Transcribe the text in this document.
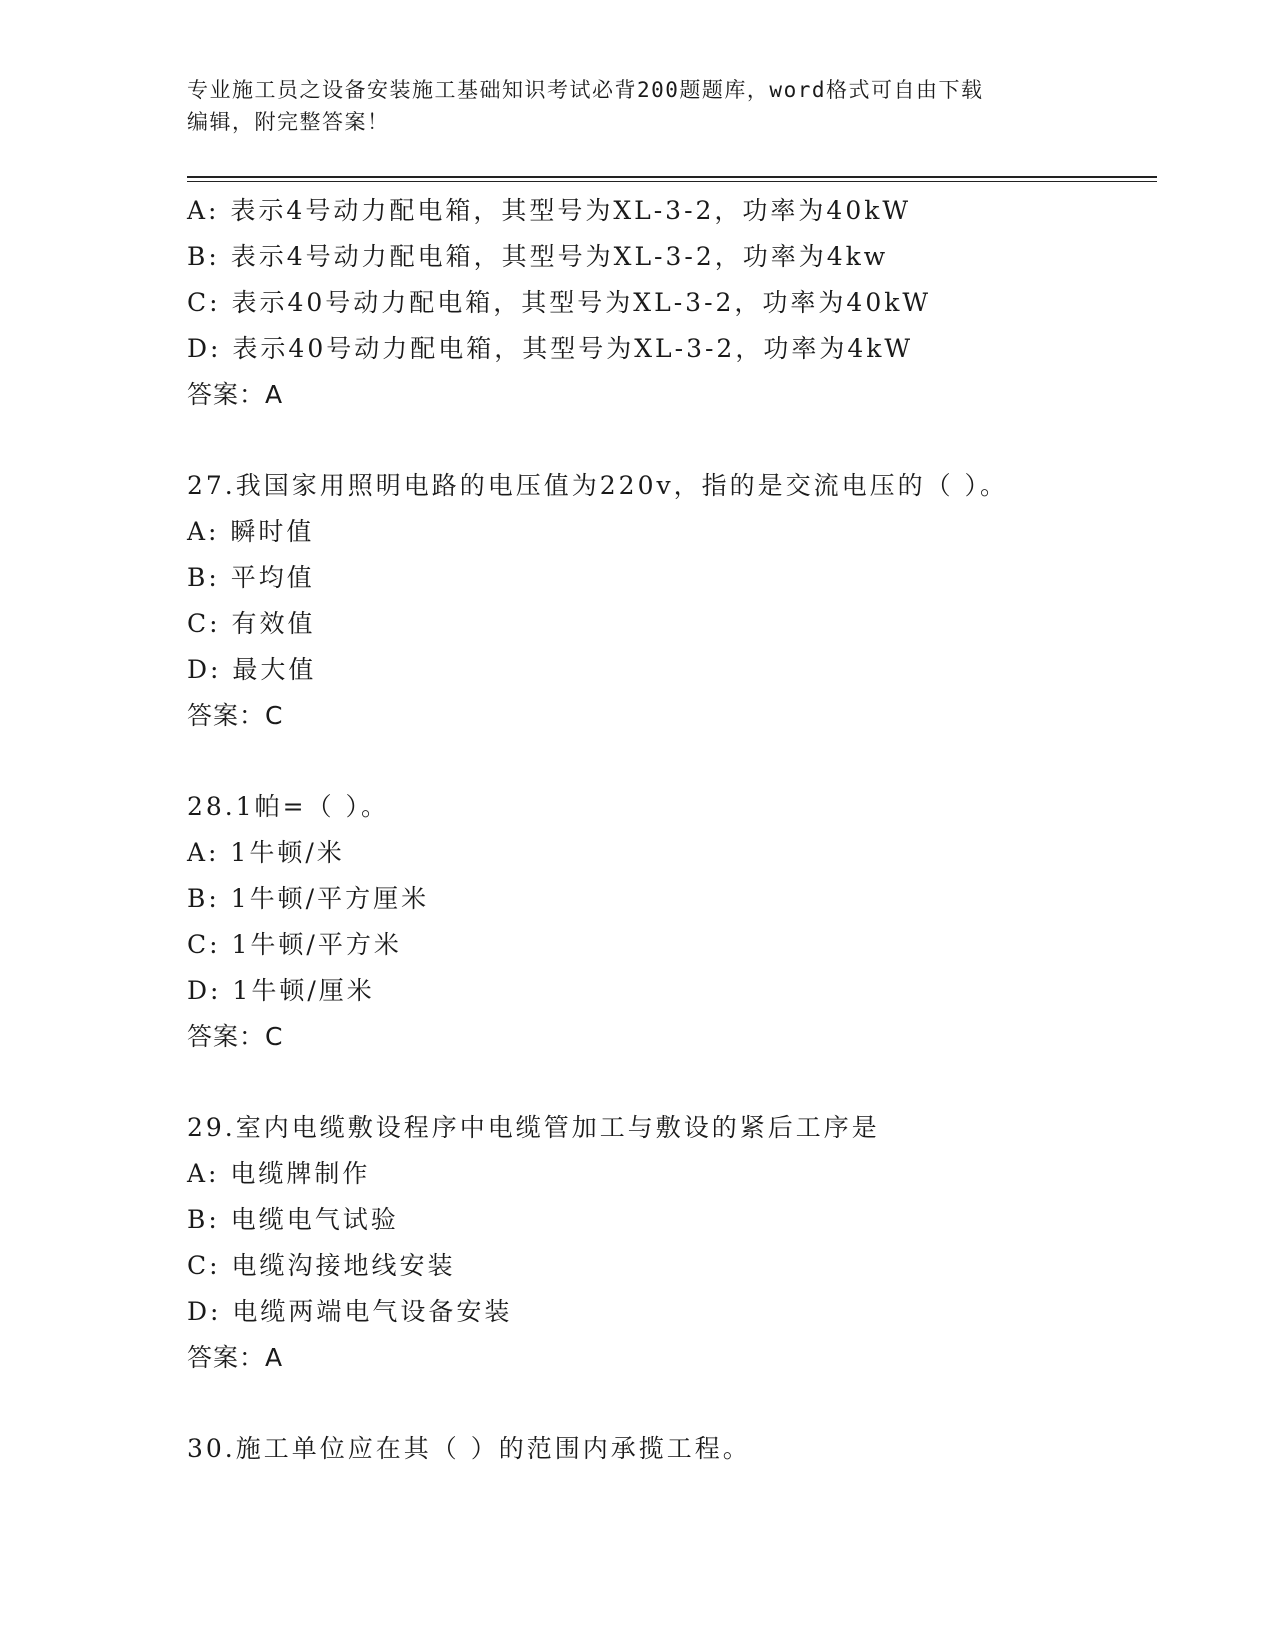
专业施工员之设备安装施工基础知识考试必背200题题库，word格式可自由下载
编辑，附完整答案！
A: 表示4号动力配电箱，其型号为XL-3-2，功率为40kW
B: 表示4号动力配电箱，其型号为XL-3-2，功率为4kw
C: 表示40号动力配电箱，其型号为XL-3-2，功率为40kW
D: 表示40号动力配电箱，其型号为XL-3-2，功率为4kW
答案：A
27.我国家用照明电路的电压值为220v，指的是交流电压的（ ）。
A: 瞬时值
B: 平均值
C: 有效值
D: 最大值
答案：C
28.1帕=（ ）。
A: 1牛顿/米
B: 1牛顿/平方厘米
C: 1牛顿/平方米
D: 1牛顿/厘米
答案：C
29.室内电缆敷设程序中电缆管加工与敷设的紧后工序是
A: 电缆牌制作
B: 电缆电气试验
C: 电缆沟接地线安装
D: 电缆两端电气设备安装
答案：A
30.施工单位应在其（ ）的范围内承揽工程。
